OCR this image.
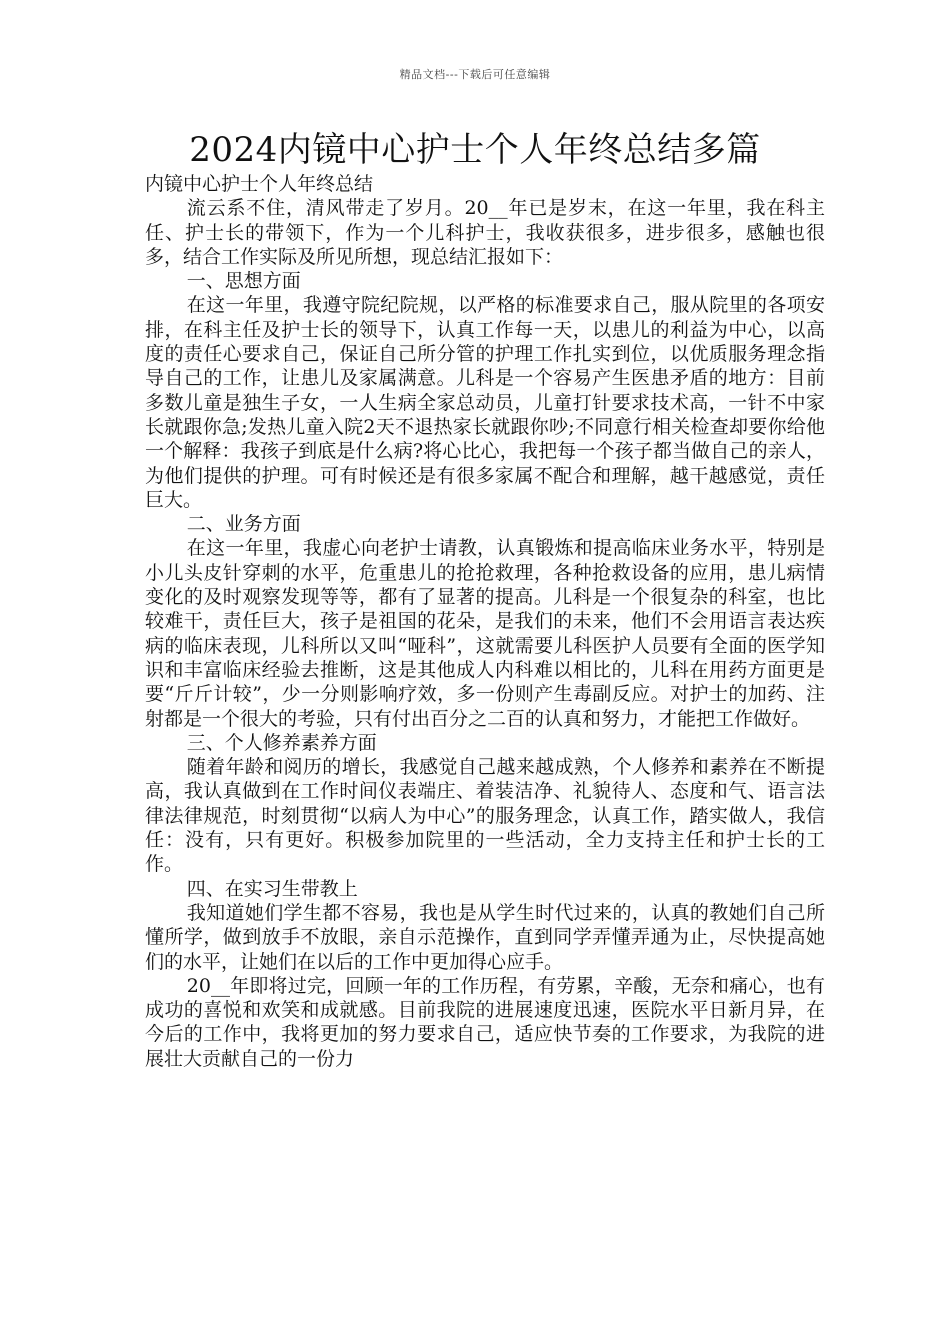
精品文档---下载后可任意编辑
2024内镜中心护士个人年终总结多篇

内镜中心护士个人年终总结

流云系不住，清风带走了岁月。20__年已是岁末，在这一年里，我在科主任、护士长的带领下，作为一个儿科护士，我收获很多，进步很多，感触也很多，结合工作实际及所见所想，现总结汇报如下：

一、思想方面

在这一年里，我遵守院纪院规，以严格的标准要求自己，服从院里的各项安排，在科主任及护士长的领导下，认真工作每一天，以患儿的利益为中心，以高度的责任心要求自己，保证自己所分管的护理工作扎实到位，以优质服务理念指导自己的工作，让患儿及家属满意。儿科是一个容易产生医患矛盾的地方：目前多数儿童是独生子女，一人生病全家总动员，儿童打针要求技术高，一针不中家长就跟你急;发热儿童入院2天不退热家长就跟你吵;不同意行相关检查却要你给他一个解释：我孩子到底是什么病?将心比心，我把每一个孩子都当做自己的亲人，为他们提供的护理。可有时候还是有很多家属不配合和理解，越干越感觉，责任巨大。

二、业务方面

在这一年里，我虚心向老护士请教，认真锻炼和提高临床业务水平，特别是小儿头皮针穿刺的水平，危重患儿的抢抢救理，各种抢救设备的应用，患儿病情变化的及时观察发现等等，都有了显著的提高。儿科是一个很复杂的科室，也比较难干，责任巨大，孩子是祖国的花朵，是我们的未来，他们不会用语言表达疾病的临床表现，儿科所以又叫“哑科”，这就需要儿科医护人员要有全面的医学知识和丰富临床经验去推断，这是其他成人内科难以相比的，儿科在用药方面更是要“斤斤计较”，少一分则影响疗效，多一份则产生毒副反应。对护士的加药、注射都是一个很大的考验，只有付出百分之二百的认真和努力，才能把工作做好。

三、个人修养素养方面

随着年龄和阅历的增长，我感觉自己越来越成熟，个人修养和素养在不断提高，我认真做到在工作时间仪表端庄、着装洁净、礼貌待人、态度和气、语言法律法律规范，时刻贯彻“以病人为中心”的服务理念，认真工作，踏实做人，我信任：没有，只有更好。积极参加院里的一些活动，全力支持主任和护士长的工作。

四、在实习生带教上

我知道她们学生都不容易，我也是从学生时代过来的，认真的教她们自己所懂所学，做到放手不放眼，亲自示范操作，直到同学弄懂弄通为止，尽快提高她们的水平，让她们在以后的工作中更加得心应手。

20__年即将过完，回顾一年的工作历程，有劳累，辛酸，无奈和痛心，也有成功的喜悦和欢笑和成就感。目前我院的进展速度迅速，医院水平日新月异，在今后的工作中，我将更加的努力要求自己，适应快节奏的工作要求，为我院的进展壮大贡献自己的一份力
